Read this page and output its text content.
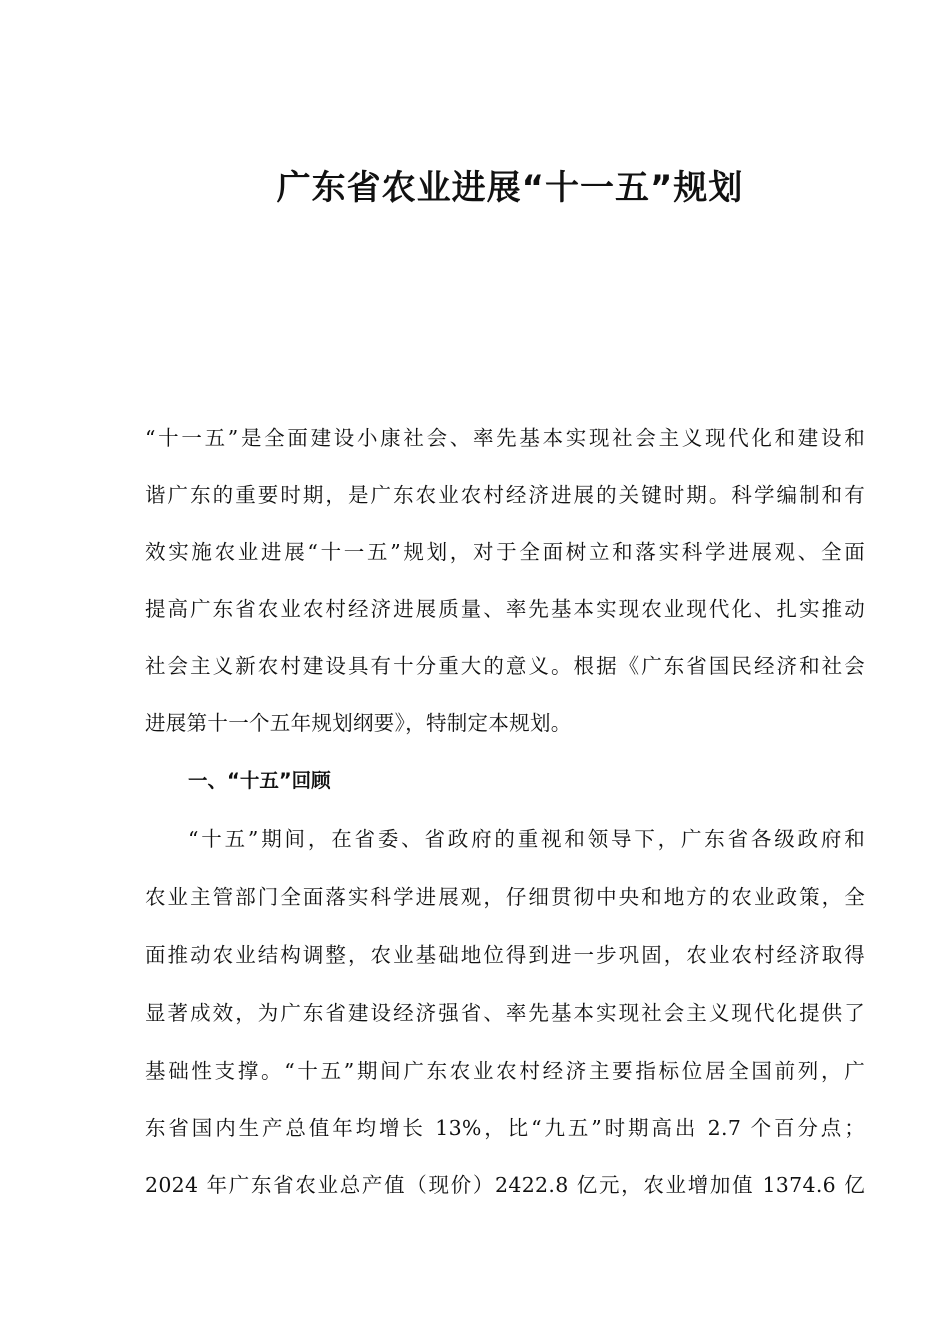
广东省农业进展“十一五”规划
“十一五”是全面建设小康社会、率先基本实现社会主义现代化和建设和
谐广东的重要时期，是广东农业农村经济进展的关键时期。科学编制和有
效实施农业进展“十一五”规划，对于全面树立和落实科学进展观、全面
提高广东省农业农村经济进展质量、率先基本实现农业现代化、扎实推动
社会主义新农村建设具有十分重大的意义。根据《广东省国民经济和社会
进展第十一个五年规划纲要》，特制定本规划。
一、“十五”回顾
“十五”期间，在省委、省政府的重视和领导下，广东省各级政府和
农业主管部门全面落实科学进展观，仔细贯彻中央和地方的农业政策，全
面推动农业结构调整，农业基础地位得到进一步巩固，农业农村经济取得
显著成效，为广东省建设经济强省、率先基本实现社会主义现代化提供了
基础性支撑。“十五”期间广东农业农村经济主要指标位居全国前列，广
东省国内生产总值年均增长 13%，比“九五”时期高出 2.7 个百分点；
2024 年广东省农业总产值（现价）2422.8 亿元，农业增加值 1374.6 亿
